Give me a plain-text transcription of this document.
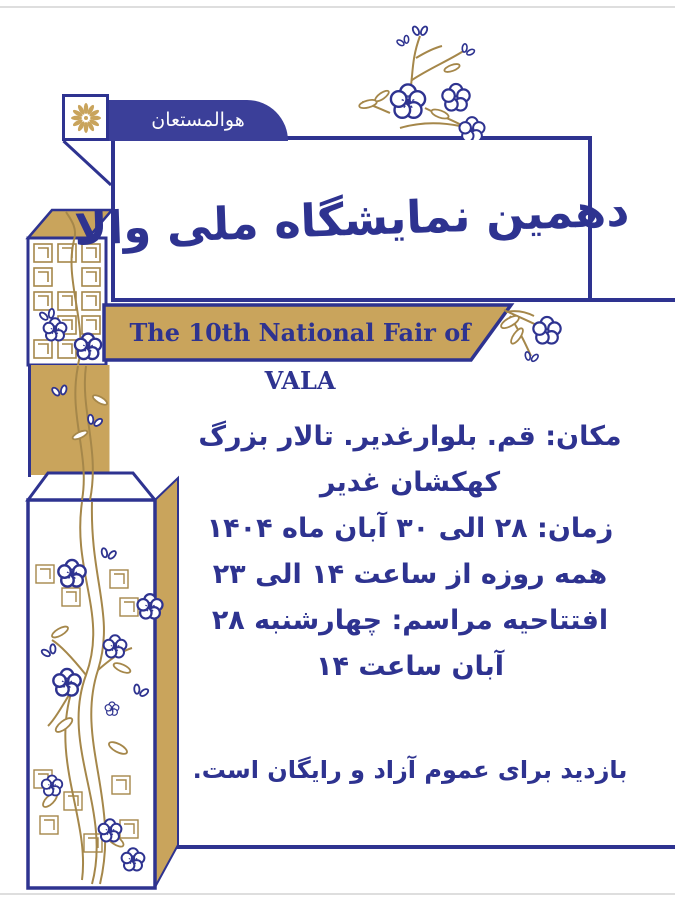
هوالمستعان
دهمین نمایشگاه ملی والا
The 10th National Fair of VALA
مکان: قم. بلوارغدیر. تالار بزرگ
کهکشان غدیر
زمان: ۲۸ الی ۳۰ آبان ماه ۱۴۰۴
همه روزه از ساعت ۱۴ الی ۲۳
افتتاحیه مراسم: چهارشنبه ۲۸
آبان ساعت ۱۴
بازدید برای عموم آزاد و رایگان است.
